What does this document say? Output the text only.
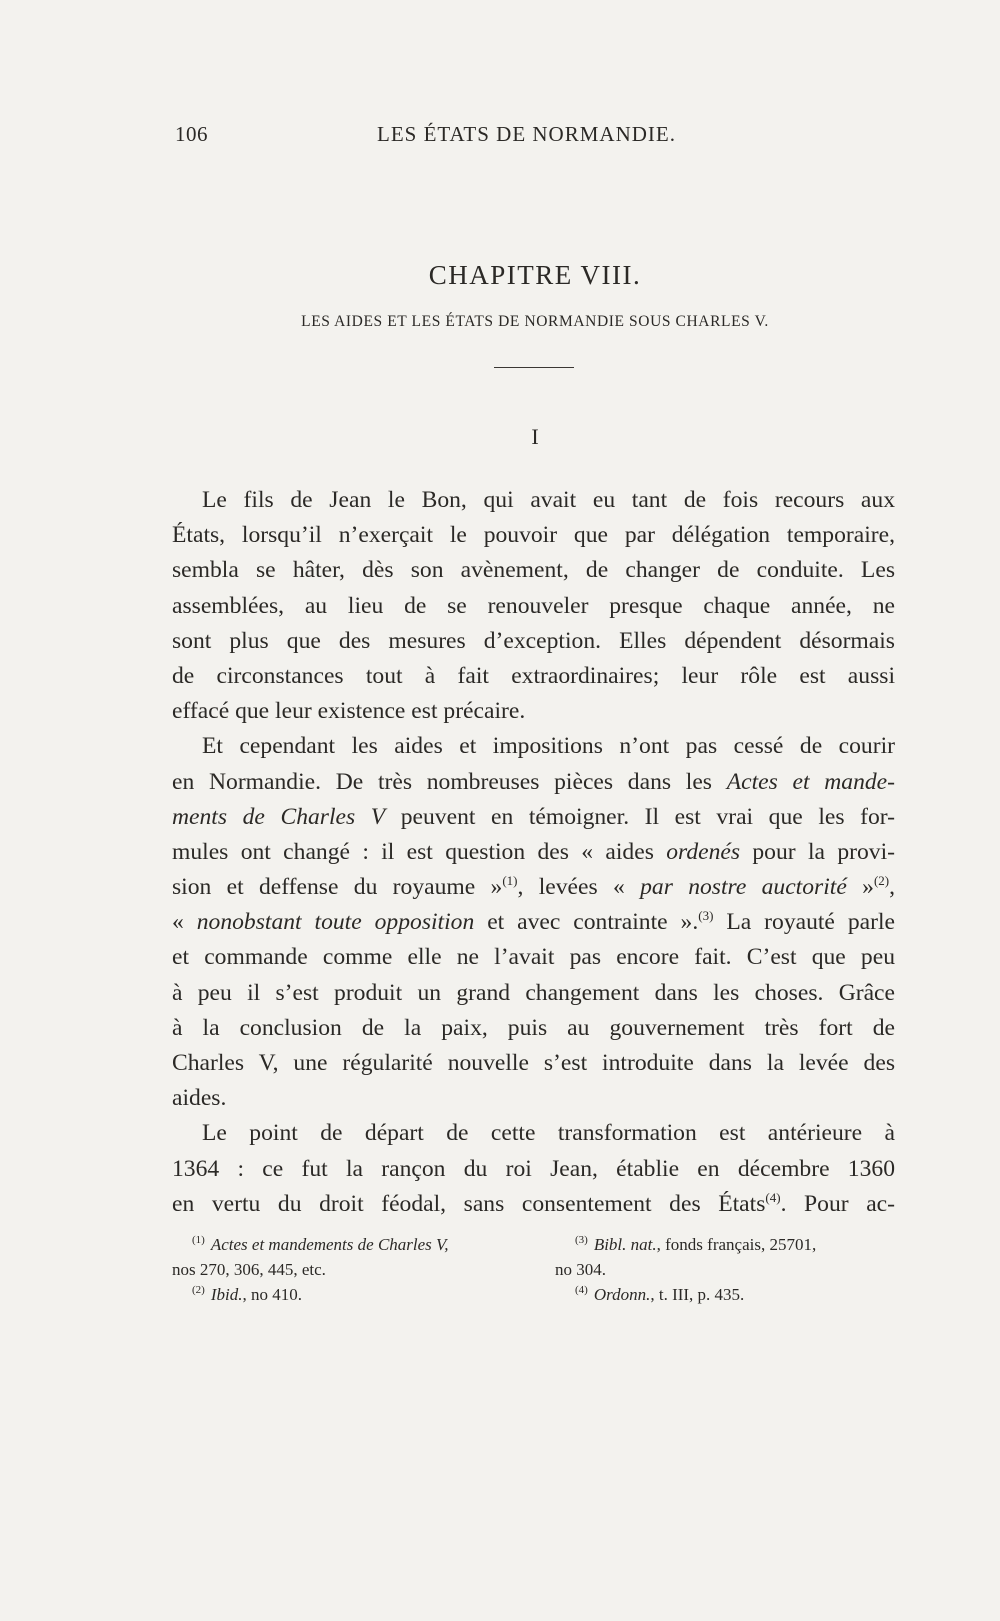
106	LES ÉTATS DE NORMANDIE.
CHAPITRE VIII.
LES AIDES ET LES ÉTATS DE NORMANDIE SOUS CHARLES V.
I
Le fils de Jean le Bon, qui avait eu tant de fois recours aux
États, lorsqu’il n’exerçait le pouvoir que par délégation temporaire,
sembla se hâter, dès son avènement, de changer de conduite. Les
assemblées, au lieu de se renouveler presque chaque année, ne
sont plus que des mesures d’exception. Elles dépendent désormais
de circonstances tout à fait extraordinaires; leur rôle est aussi
effacé que leur existence est précaire.
Et cependant les aides et impositions n’ont pas cessé de courir
en Normandie. De très nombreuses pièces dans les Actes et mande-
ments de Charles V peuvent en témoigner. Il est vrai que les for-
mules ont changé : il est question des « aides ordenés pour la provi-
sion et deffense du royaume »$^{(1)}$, levées « par nostre auctorité »$^{(2)}$,
« nonobstant toute opposition et avec contrainte ».$^{(3)}$ La royauté parle
et commande comme elle ne l’avait pas encore fait. C’est que peu
à peu il s’est produit un grand changement dans les choses. Grâce
à la conclusion de la paix, puis au gouvernement très fort de
Charles V, une régularité nouvelle s’est introduite dans la levée des
aides.
Le point de départ de cette transformation est antérieure à
1364 : ce fut la rançon du roi Jean, établie en décembre 1360
en vertu du droit féodal, sans consentement des États$^{(4)}$. Pour ac-
$^{(1)}$ Actes et mandements de Charles V,
nos 270, 306, 445, etc.
$^{(2)}$ Ibid., no 410.
$^{(3)}$ Bibl. nat., fonds français, 25701,
no 304.
$^{(4)}$ Ordonn., t. III, p. 435.
